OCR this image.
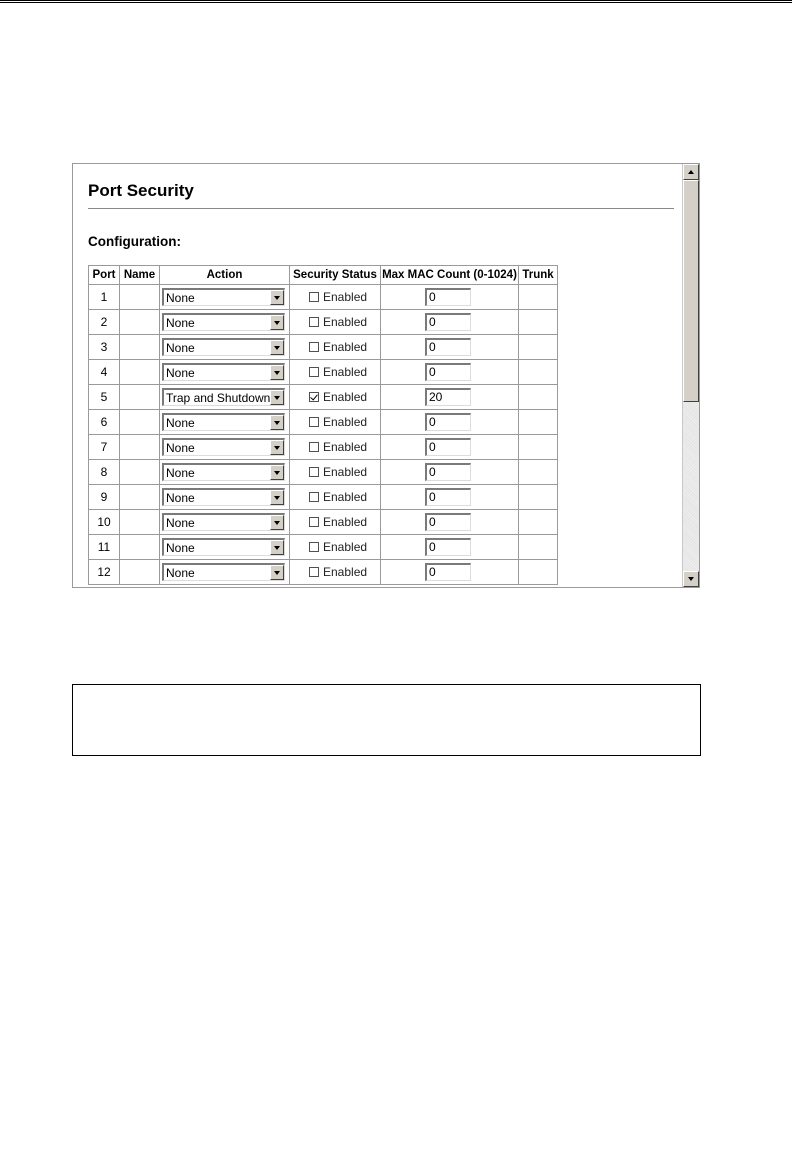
Port Security
Configuration:
Port	Name	Action	Security Status	Max MAC Count (0-1024)	Trunk
1		None	Enabled	0	

2		None	Enabled	0	

3		None	Enabled	0	

4		None	Enabled	0	

5		Trap and Shutdown	Enabled	20	

6		None	Enabled	0	

7		None	Enabled	0	

8		None	Enabled	0	

9		None	Enabled	0	

10		None	Enabled	0	

11		None	Enabled	0	

12		None	Enabled	0	
